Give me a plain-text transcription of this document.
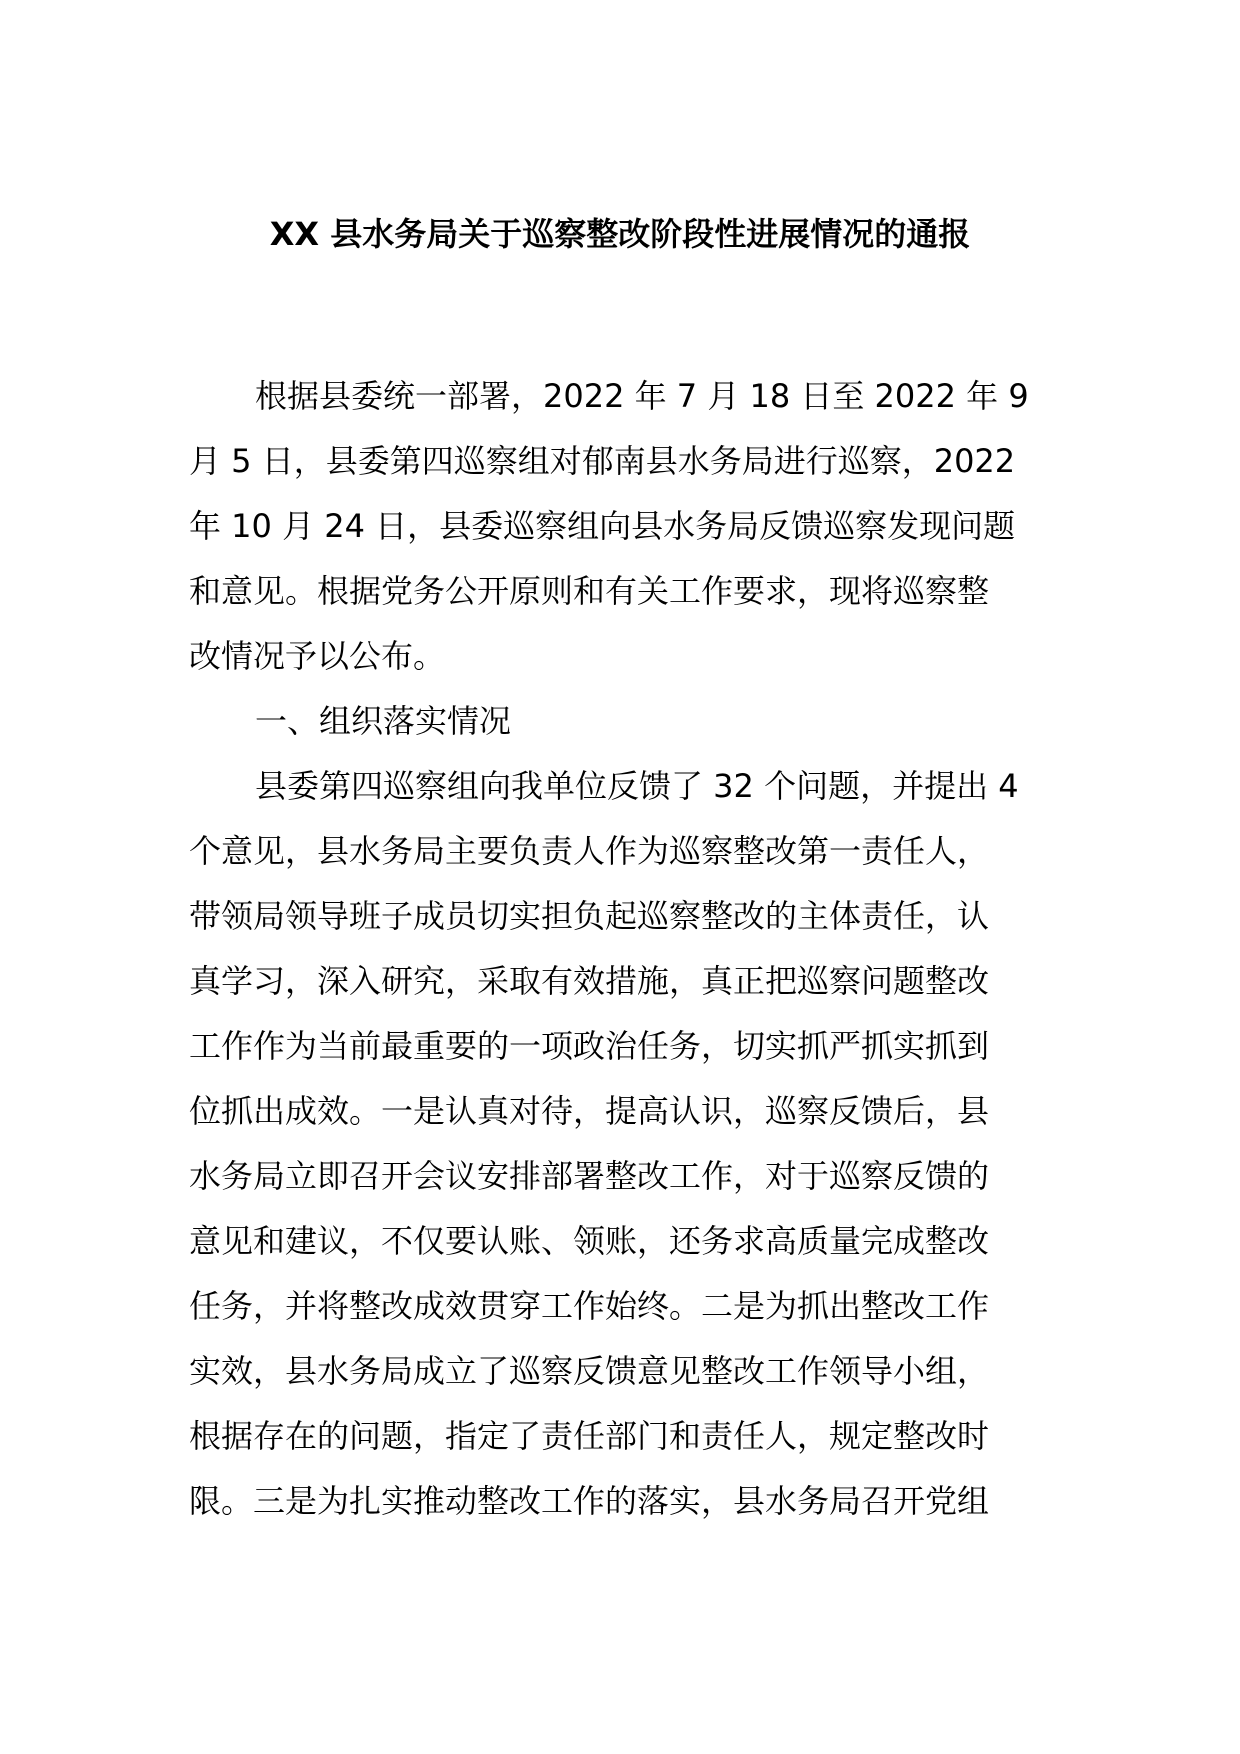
XX 县水务局关于巡察整改阶段性进展情况的通报
根据县委统一部署，2022 年 7 月 18 日至 2022 年 9
月 5 日，县委第四巡察组对郁南县水务局进行巡察，2022
年 10 月 24 日，县委巡察组向县水务局反馈巡察发现问题
和意见。根据党务公开原则和有关工作要求，现将巡察整
改情况予以公布。
一、组织落实情况
县委第四巡察组向我单位反馈了 32 个问题，并提出 4
个意见，县水务局主要负责人作为巡察整改第一责任人，
带领局领导班子成员切实担负起巡察整改的主体责任，认
真学习，深入研究，采取有效措施，真正把巡察问题整改
工作作为当前最重要的一项政治任务，切实抓严抓实抓到
位抓出成效。一是认真对待，提高认识，巡察反馈后，县
水务局立即召开会议安排部署整改工作，对于巡察反馈的
意见和建议，不仅要认账、领账，还务求高质量完成整改
任务，并将整改成效贯穿工作始终。二是为抓出整改工作
实效，县水务局成立了巡察反馈意见整改工作领导小组，
根据存在的问题，指定了责任部门和责任人，规定整改时
限。三是为扎实推动整改工作的落实，县水务局召开党组
